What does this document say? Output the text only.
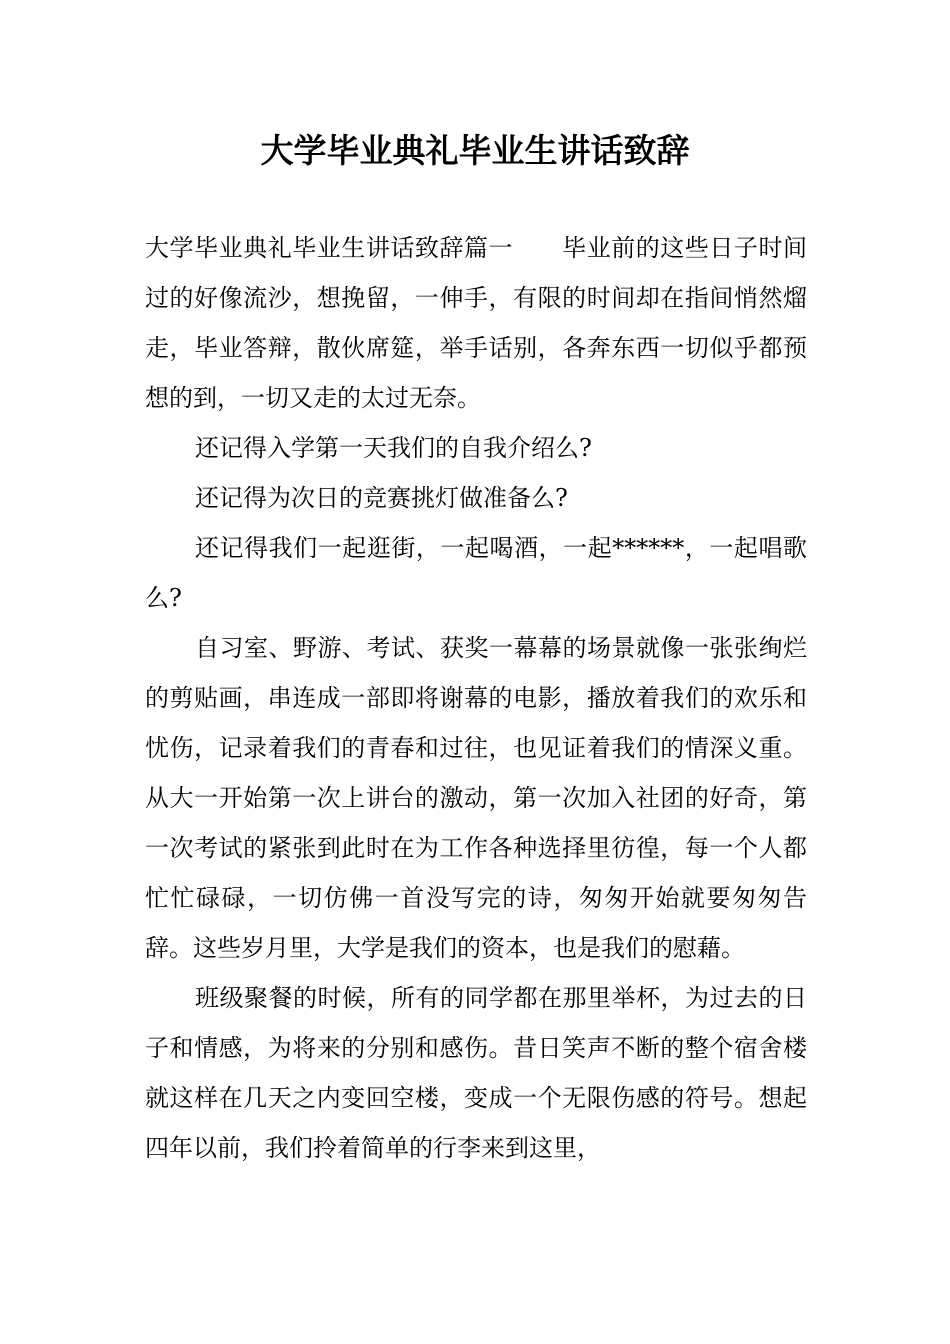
大学毕业典礼毕业生讲话致辞

大学毕业典礼毕业生讲话致辞篇一　　毕业前的这些日子时间过的好像流沙，想挽留，一伸手，有限的时间却在指间悄然熘走，毕业答辩，散伙席筵，举手话别，各奔东西一切似乎都预想的到，一切又走的太过无奈。

还记得入学第一天我们的自我介绍么?

还记得为次日的竞赛挑灯做准备么?

还记得我们一起逛街，一起喝酒，一起******，一起唱歌么?

自习室、野游、考试、获奖一幕幕的场景就像一张张绚烂的剪贴画，串连成一部即将谢幕的电影，播放着我们的欢乐和忧伤，记录着我们的青春和过往，也见证着我们的情深义重。从大一开始第一次上讲台的激动，第一次加入社团的好奇，第一次考试的紧张到此时在为工作各种选择里彷徨，每一个人都忙忙碌碌，一切仿佛一首没写完的诗，匆匆开始就要匆匆告辞。这些岁月里，大学是我们的资本，也是我们的慰藉。

班级聚餐的时候，所有的同学都在那里举杯，为过去的日子和情感，为将来的分别和感伤。昔日笑声不断的整个宿舍楼就这样在几天之内变回空楼，变成一个无限伤感的符号。想起四年以前，我们拎着简单的行李来到这里，
